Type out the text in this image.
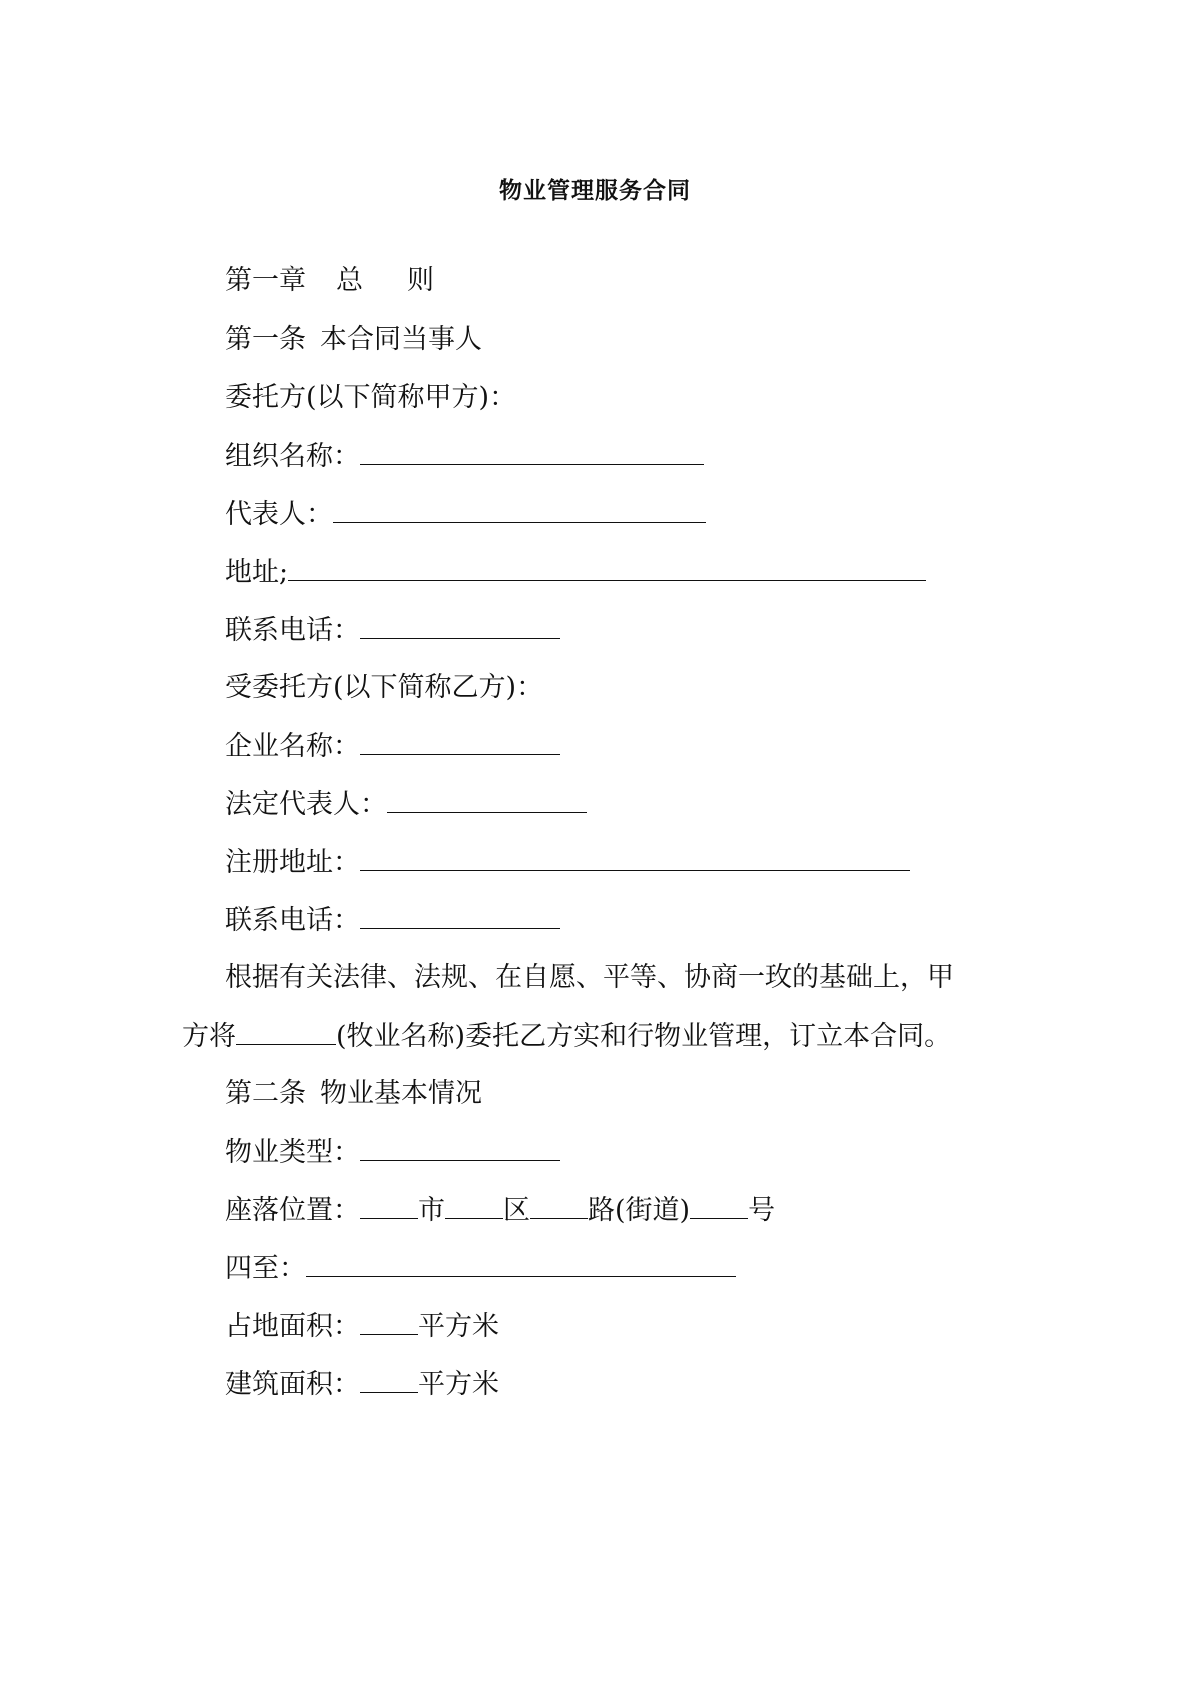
物业管理服务合同
第一章 总 则
第一条 本合同当事人
委托方(以下简称甲方)：
组织名称：
代表人：
地址;
联系电话：
受委托方(以下简称乙方)：
企业名称：
法定代表人：
注册地址：
联系电话：
根据有关法律、法规、在自愿、平等、协商一玫的基础上，甲
方将	(牧业名称)委托乙方实和行物业管理，订立本合同。
第二条 物业基本情况
物业类型：
座落位置： 市 区 路(街道) 号
四至：
占地面积： 平方米
建筑面积： 平方米
